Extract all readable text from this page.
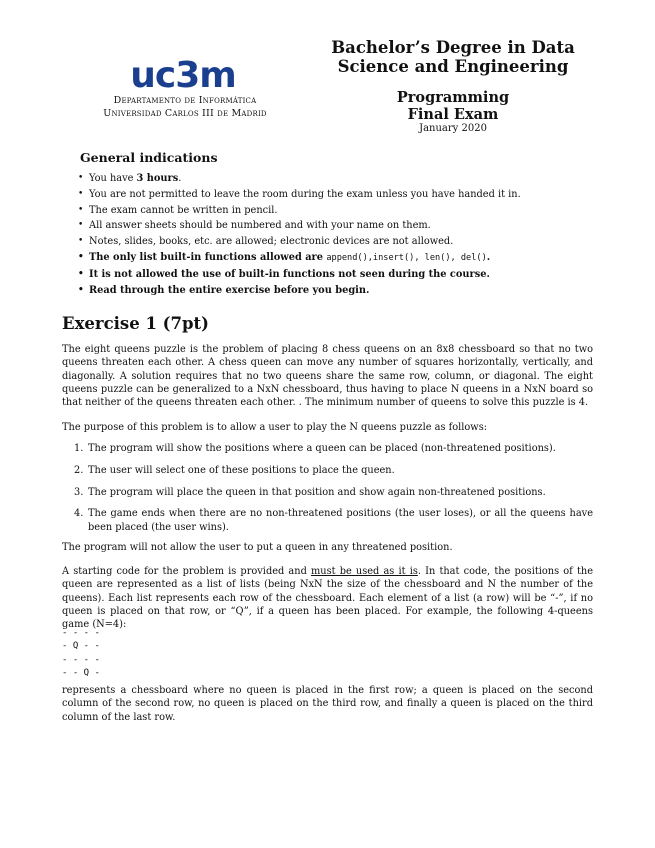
uc3m
Departamento de Informática
Universidad Carlos III de Madrid
Bachelor’s Degree in Data
Science and Engineering
Programming
Final Exam
January 2020
General indications
• You have 3 hours.
• You are not permitted to leave the room during the exam unless you have handed it in.
• The exam cannot be written in pencil.
• All answer sheets should be numbered and with your name on them.
• Notes, slides, books, etc. are allowed; electronic devices are not allowed.
• The only list built-in functions allowed are append(),insert(), len(), del().
• It is not allowed the use of built-in functions not seen during the course.
• Read through the entire exercise before you begin.
Exercise 1 (7pt)

The eight queens puzzle is the problem of placing 8 chess queens on an 8x8 chessboard so that no two queens threaten each other. A chess queen can move any number of squares horizontally, vertically, and diagonally. A solution requires that no two queens share the same row, column, or diagonal. The eight queens puzzle can be generalized to a NxN chessboard, thus having to place N queens in a NxN board so that neither of the queens threaten each other. . The minimum number of queens to solve this puzzle is 4.

The purpose of this problem is to allow a user to play the N queens puzzle as follows:

1. The program will show the positions where a queen can be placed (non-threatened positions).
2. The user will select one of these positions to place the queen.
3. The program will place the queen in that position and show again non-threatened positions.
4. The game ends when there are no non-threatened positions (the user loses), or all the queens have been placed (the user wins).

The program will not allow the user to put a queen in any threatened position.

A starting code for the problem is provided and must be used as it is. In that code, the positions of the queen are represented as a list of lists (being NxN the size of the chessboard and N the number of the queens). Each list represents each row of the chessboard. Each element of a list (a row) will be “-”, if no queen is placed on that row, or “Q”, if a queen has been placed. For example, the following 4-queens game (N=4):

- - - -
- Q - -
- - - -
- - Q -

represents a chessboard where no queen is placed in the first row; a queen is placed on the second column of the second row, no queen is placed on the third row, and finally a queen is placed on the third column of the last row.
